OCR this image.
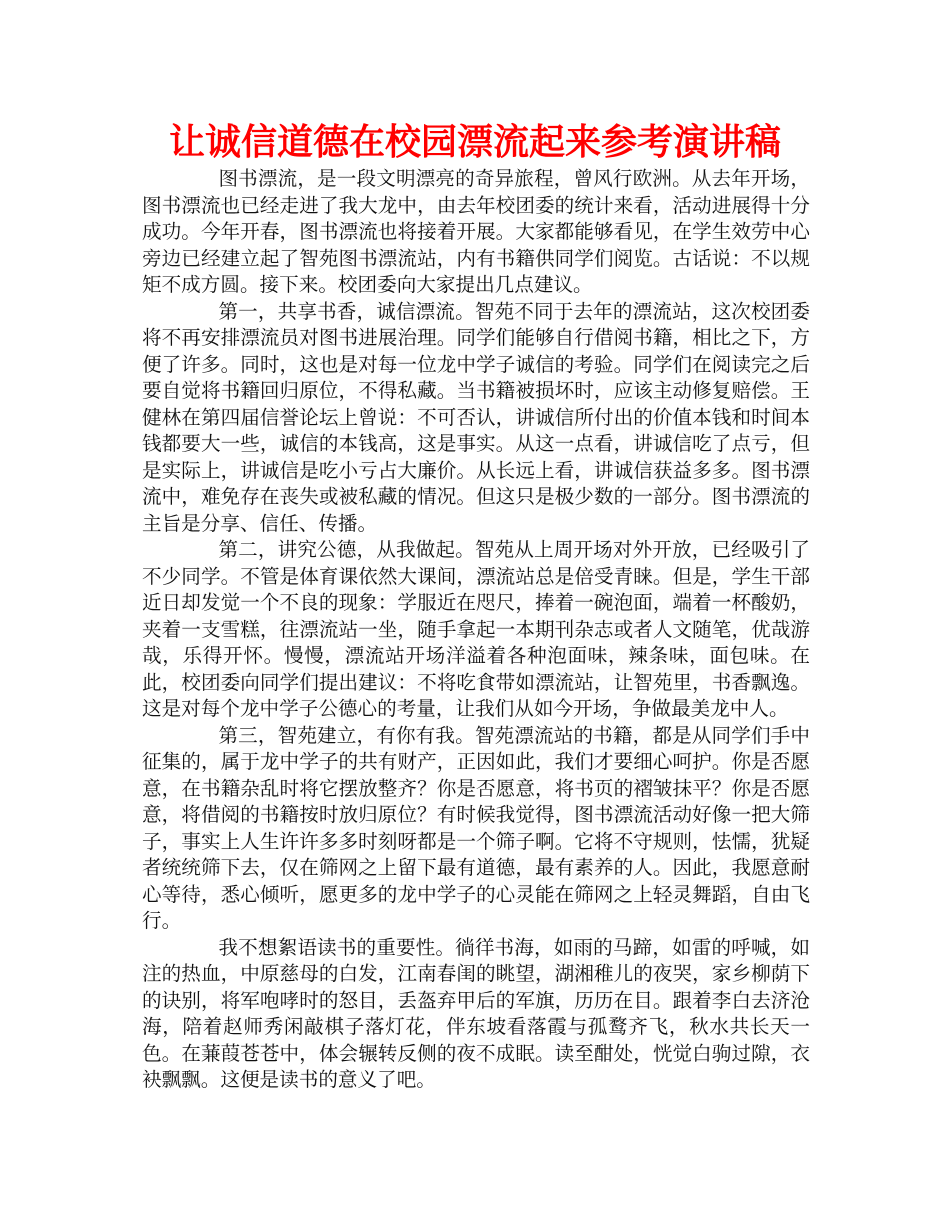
让诚信道德在校园漂流起来参考演讲稿

图书漂流，是一段文明漂亮的奇异旅程，曾风行欧洲。从去年开场，图书漂流也已经走进了我大龙中，由去年校团委的统计来看，活动进展得十分成功。今年开春，图书漂流也将接着开展。大家都能够看见，在学生效劳中心旁边已经建立起了智苑图书漂流站，内有书籍供同学们阅览。古话说：不以规矩不成方圆。接下来。校团委向大家提出几点建议。

第一，共享书香，诚信漂流。智苑不同于去年的漂流站，这次校团委将不再安排漂流员对图书进展治理。同学们能够自行借阅书籍，相比之下，方便了许多。同时，这也是对每一位龙中学子诚信的考验。同学们在阅读完之后要自觉将书籍回归原位，不得私藏。当书籍被损坏时，应该主动修复赔偿。王健林在第四届信誉论坛上曾说：不可否认，讲诚信所付出的价值本钱和时间本钱都要大一些，诚信的本钱高，这是事实。从这一点看，讲诚信吃了点亏，但是实际上，讲诚信是吃小亏占大廉价。从长远上看，讲诚信获益多多。图书漂流中，难免存在丧失或被私藏的情况。但这只是极少数的一部分。图书漂流的主旨是分享、信任、传播。

第二，讲究公德，从我做起。智苑从上周开场对外开放，已经吸引了不少同学。不管是体育课依然大课间，漂流站总是倍受青睐。但是，学生干部近日却发觉一个不良的现象：学服近在咫尺，捧着一碗泡面，端着一杯酸奶，夹着一支雪糕，往漂流站一坐，随手拿起一本期刊杂志或者人文随笔，优哉游哉，乐得开怀。慢慢，漂流站开场洋溢着各种泡面味，辣条味，面包味。在此，校团委向同学们提出建议：不将吃食带如漂流站，让智苑里，书香飘逸。这是对每个龙中学子公德心的考量，让我们从如今开场，争做最美龙中人。

第三，智苑建立，有你有我。智苑漂流站的书籍，都是从同学们手中征集的，属于龙中学子的共有财产，正因如此，我们才要细心呵护。你是否愿意，在书籍杂乱时将它摆放整齐？你是否愿意，将书页的褶皱抹平？你是否愿意，将借阅的书籍按时放归原位？有时候我觉得，图书漂流活动好像一把大筛子，事实上人生许许多多时刻呀都是一个筛子啊。它将不守规则，怯懦，犹疑者统统筛下去，仅在筛网之上留下最有道德，最有素养的人。因此，我愿意耐心等待，悉心倾听，愿更多的龙中学子的心灵能在筛网之上轻灵舞蹈，自由飞行。

我不想絮语读书的重要性。徜徉书海，如雨的马蹄，如雷的呼喊，如注的热血，中原慈母的白发，江南春闺的眺望，湖湘稚儿的夜哭，家乡柳荫下的诀别，将军咆哮时的怒目，丢盔弃甲后的军旗，历历在目。跟着李白去济沧海，陪着赵师秀闲敲棋子落灯花，伴东坡看落霞与孤鹜齐飞，秋水共长天一色。在蒹葭苍苍中，体会辗转反侧的夜不成眠。读至酣处，恍觉白驹过隙，衣袂飘飘。这便是读书的意义了吧。
